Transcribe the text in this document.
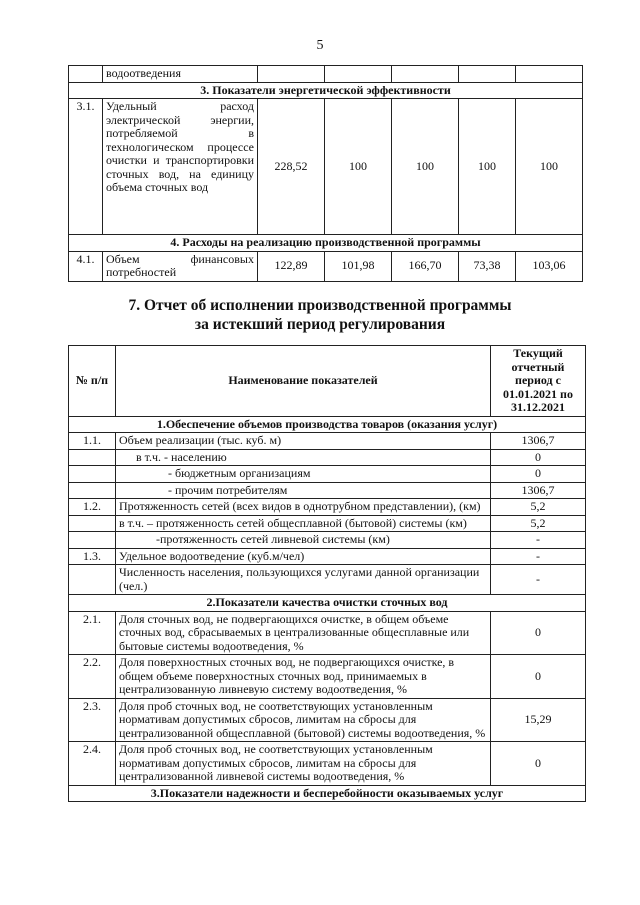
5
	водоотведения					
3. Показатели энергетической эффективности						
3.1.	Удельный расход электрической энергии, потребляемой в технологическом процессе очистки и транспортировки сточных вод, на единицу объема сточных вод	228,52	100	100	100	100
4. Расходы на реализацию производственной программы						
4.1.	Объем финансовых потребностей	122,89	101,98	166,70	73,38	103,06
7. Отчет об исполнении производственной программы
за истекший период регулирования
№ п/п	Наименование показателей	Текущий отчетный период с 01.01.2021 по 31.12.2021
1.Обеспечение объемов производства товаров (оказания услуг)		
1.1.	Объем реализации (тыс. куб. м)	1306,7
	в т.ч. - населению	0
	- бюджетным организациям	0
	- прочим потребителям	1306,7
1.2.	Протяженность сетей (всех видов в однотрубном представлении), (км)	5,2
	в т.ч. – протяженность сетей общесплавной (бытовой) системы (км)	5,2
	-протяженность сетей ливневой системы (км)	-
1.3.	Удельное водоотведение (куб.м/чел)	-
	Численность населения, пользующихся услугами данной организации (чел.)	-
2.Показатели качества очистки сточных вод		
2.1.	Доля сточных вод, не подвергающихся очистке, в общем объеме сточных вод, сбрасываемых в централизованные общесплавные или бытовые системы водоотведения, %	0
2.2.	Доля поверхностных сточных вод, не подвергающихся очистке, в общем объеме поверхностных сточных вод, принимаемых в централизованную ливневую систему водоотведения, %	0
2.3.	Доля проб сточных вод, не соответствующих установленным нормативам допустимых сбросов, лимитам на сбросы для централизованной общесплавной (бытовой) системы водоотведения, %	15,29
2.4.	Доля проб сточных вод, не соответствующих установленным нормативам допустимых сбросов, лимитам на сбросы для централизованной ливневой системы водоотведения, %	0
3.Показатели надежности и бесперебойности оказываемых услуг		
